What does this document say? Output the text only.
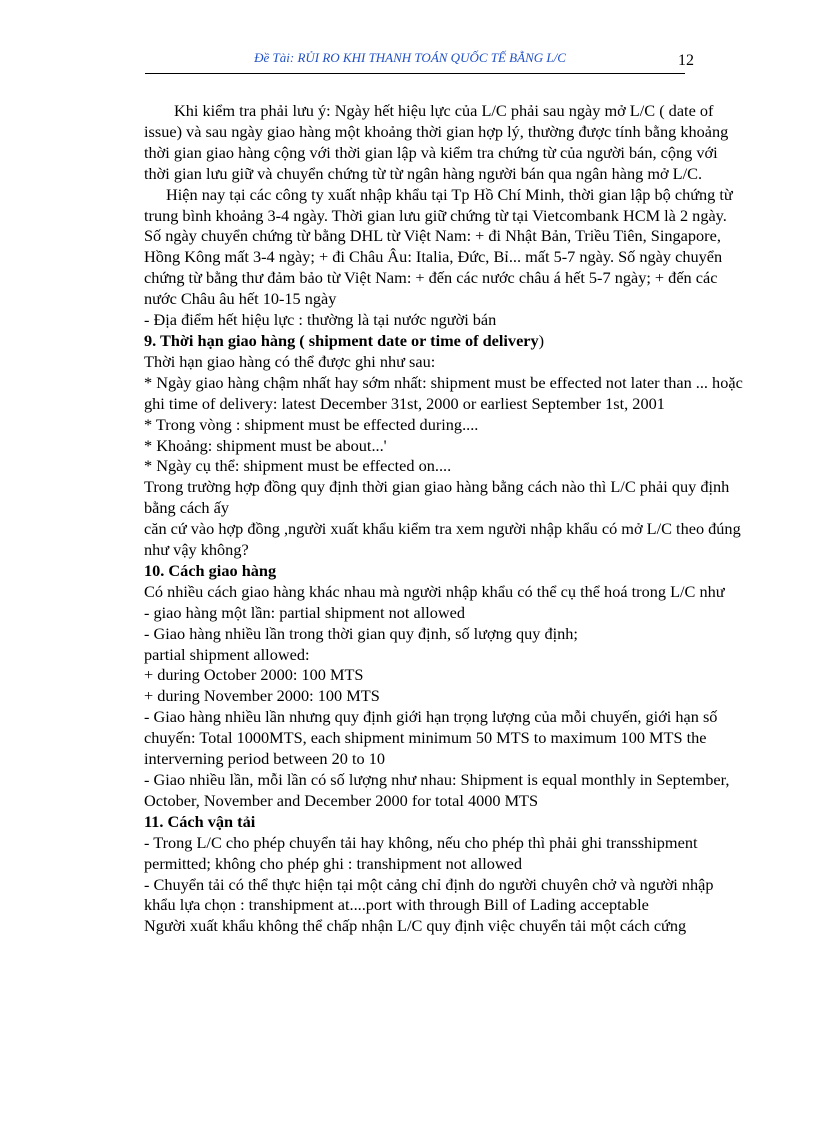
Đề Tài: RỦI RO KHI THANH TOÁN QUỐC TẾ BẰNG L/C	12

Khi kiểm tra phải lưu ý: Ngày hết hiệu lực của L/C phải sau ngày mở L/C ( date of issue) và sau ngày giao hàng một khoảng thời gian hợp lý, thường được tính bằng khoảng thời gian giao hàng cộng với thời gian lập và kiểm tra chứng từ của người bán, cộng với thời gian lưu giữ và chuyển chứng từ từ ngân hàng người bán qua ngân hàng mở L/C.

Hiện nay tại các công ty xuất nhập khẩu tại Tp Hồ Chí Minh, thời gian lập bộ chứng từ trung bình khoảng 3-4 ngày. Thời gian lưu giữ chứng từ tại Vietcombank HCM là 2 ngày. Số ngày chuyển chứng từ bằng DHL từ Việt Nam: + đi Nhật Bản, Triều Tiên, Singapore, Hồng Kông mất 3-4 ngày; + đi Châu Âu: Italia, Đức, Bỉ... mất 5-7 ngày. Số ngày chuyển chứng từ bằng thư đảm bảo từ Việt Nam: + đến các nước châu á hết 5-7 ngày; + đến các nước Châu âu hết 10-15 ngày

- Địa điểm hết hiệu lực : thường là tại nước người bán

9. Thời hạn giao hàng ( shipment date or time of delivery)

Thời hạn giao hàng có thể được ghi như sau:

* Ngày giao hàng chậm nhất hay sớm nhất: shipment must be effected not later than ... hoặc ghi time of delivery: latest December 31st, 2000 or earliest September 1st, 2001

* Trong vòng : shipment must be effected during....

* Khoảng: shipment must be about...'

* Ngày cụ thể: shipment must be effected on....

Trong trường hợp đồng quy định thời gian giao hàng bằng cách nào thì L/C phải quy định bằng cách ấy

căn cứ vào hợp đồng ,người xuất khẩu kiểm tra xem người nhập khẩu có mở L/C theo đúng như vậy không?

10. Cách giao hàng

Có nhiều cách giao hàng khác nhau mà người nhập khẩu có thể cụ thể hoá trong L/C như

- giao hàng một lần: partial shipment not allowed

- Giao hàng nhiều lần trong thời gian quy định, số lượng quy định;

partial shipment allowed:

+ during October 2000: 100 MTS

+ during November 2000: 100 MTS

- Giao hàng nhiều lần nhưng quy định giới hạn trọng lượng của mỗi chuyến, giới hạn số chuyến: Total 1000MTS, each shipment minimum 50 MTS to maximum 100 MTS the interverning period between 20 to 10

- Giao nhiều lần, mỗi lần có số lượng như nhau: Shipment is equal monthly in September, October, November and December 2000 for total 4000 MTS

11. Cách vận tải

- Trong L/C cho phép chuyển tải hay không, nếu cho phép thì phải ghi transshipment permitted; không cho phép ghi : transhipment not allowed

- Chuyển tải có thể thực hiện tại một cảng chỉ định do người chuyên chở và người nhập khẩu lựa chọn : transhipment at....port with through Bill of Lading acceptable

Người xuất khẩu không thể chấp nhận L/C quy định việc chuyển tải một cách cứng
